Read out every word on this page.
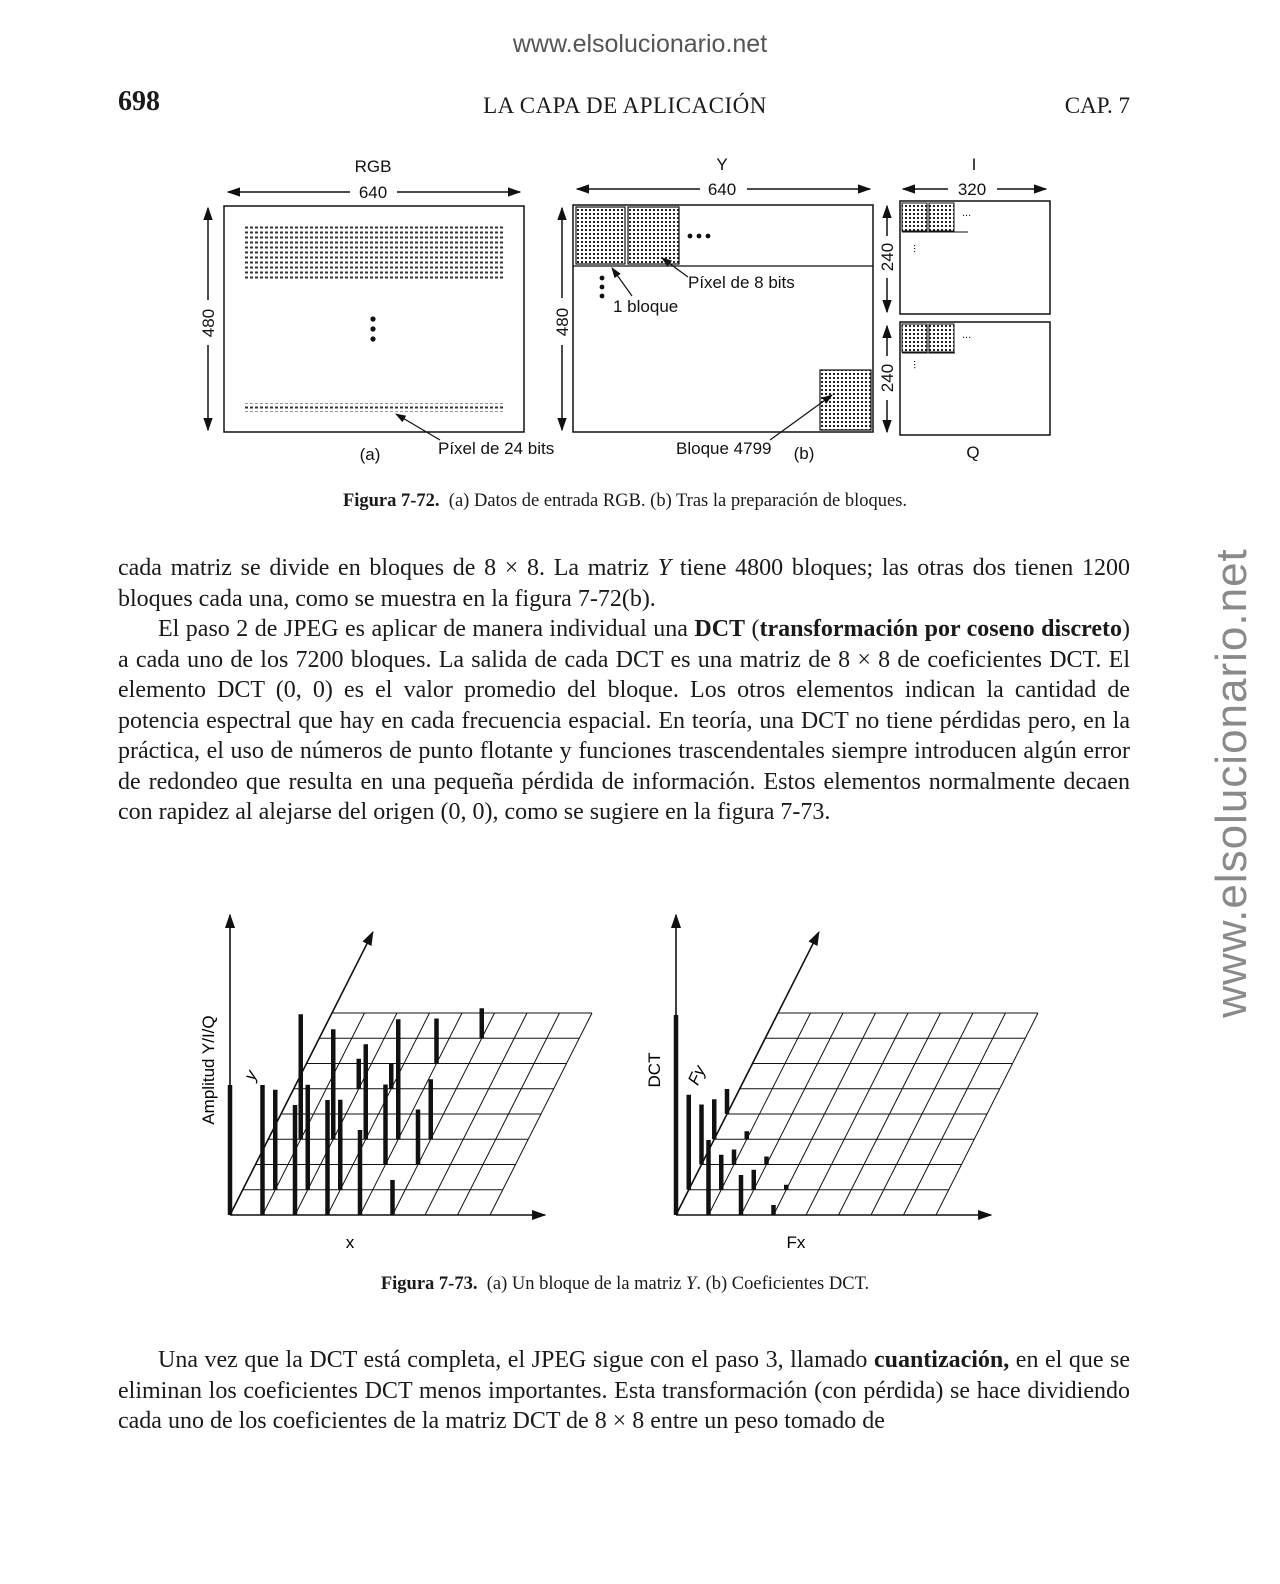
www.elsolucionario.net
www.elsolucionario.net
698	LA CAPA DE APLICACIÓN	CAP. 7
RGB
640
480
Píxel de 24 bits
(a)
Y
640
480
1 bloque
Píxel de 8 bits
Bloque 4799 (b)
I
320
...
...
240
...
...
240
Q
Figura 7-72. (a) Datos de entrada RGB. (b) Tras la preparación de bloques.

cada matriz se divide en bloques de 8 × 8. La matriz Y tiene 4800 bloques; las otras dos tienen 1200 bloques cada una, como se muestra en la figura 7-72(b).

El paso 2 de JPEG es aplicar de manera individual una DCT (transformación por coseno discreto) a cada uno de los 7200 bloques. La salida de cada DCT es una matriz de 8 × 8 de coeficientes DCT. El elemento DCT (0, 0) es el valor promedio del bloque. Los otros elementos indican la cantidad de potencia espectral que hay en cada frecuencia espacial. En teoría, una DCT no tiene pérdidas pero, en la práctica, el uso de números de punto flotante y funciones trascendentales siempre introducen algún error de redondeo que resulta en una pequeña pérdida de información. Estos elementos normalmente decaen con rapidez al alejarse del origen (0, 0), como se sugiere en la figura 7-73.

Amplitud Y/I/Q y
x
DCT Fy
Fx
Figura 7-73. (a) Un bloque de la matriz Y. (b) Coeficientes DCT.

Una vez que la DCT está completa, el JPEG sigue con el paso 3, llamado cuantización, en el que se eliminan los coeficientes DCT menos importantes. Esta transformación (con pérdida) se hace dividiendo cada uno de los coeficientes de la matriz DCT de 8 × 8 entre un peso tomado de
